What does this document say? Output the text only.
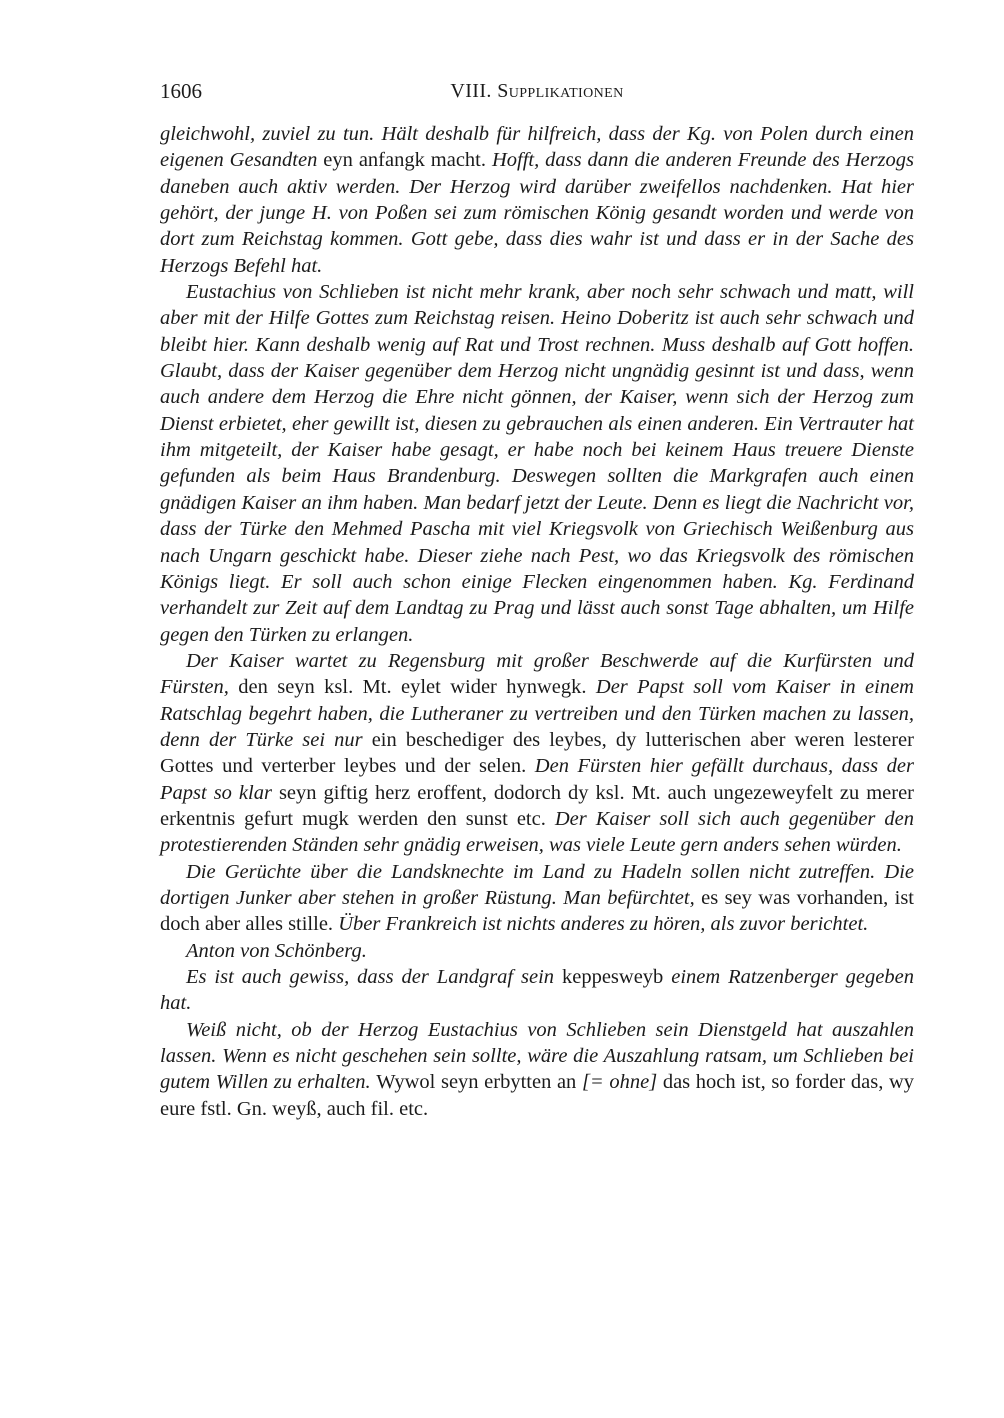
1606	VIII. Supplikationen

gleichwohl, zuviel zu tun. Hält deshalb für hilfreich, dass der Kg. von Polen durch einen eigenen Gesandten eyn anfangk macht. Hofft, dass dann die anderen Freunde des Herzogs daneben auch aktiv werden. Der Herzog wird darüber zweifellos nachdenken. Hat hier gehört, der junge H. von Poßen sei zum römischen König gesandt worden und werde von dort zum Reichstag kommen. Gott gebe, dass dies wahr ist und dass er in der Sache des Herzogs Befehl hat.

Eustachius von Schlieben ist nicht mehr krank, aber noch sehr schwach und matt, will aber mit der Hilfe Gottes zum Reichstag reisen. Heino Doberitz ist auch sehr schwach und bleibt hier. Kann deshalb wenig auf Rat und Trost rechnen. Muss deshalb auf Gott hoffen. Glaubt, dass der Kaiser gegenüber dem Herzog nicht ungnädig gesinnt ist und dass, wenn auch andere dem Herzog die Ehre nicht gönnen, der Kaiser, wenn sich der Herzog zum Dienst erbietet, eher gewillt ist, diesen zu gebrauchen als einen anderen. Ein Vertrauter hat ihm mitgeteilt, der Kaiser habe gesagt, er habe noch bei keinem Haus treuere Dienste gefunden als beim Haus Brandenburg. Deswegen sollten die Markgrafen auch einen gnädigen Kaiser an ihm haben. Man bedarf jetzt der Leute. Denn es liegt die Nachricht vor, dass der Türke den Mehmed Pascha mit viel Kriegsvolk von Griechisch Weißenburg aus nach Ungarn geschickt habe. Dieser ziehe nach Pest, wo das Kriegsvolk des römischen Königs liegt. Er soll auch schon einige Flecken eingenommen haben. Kg. Ferdinand verhandelt zur Zeit auf dem Landtag zu Prag und lässt auch sonst Tage abhalten, um Hilfe gegen den Türken zu erlangen.

Der Kaiser wartet zu Regensburg mit großer Beschwerde auf die Kurfürsten und Fürsten, den seyn ksl. Mt. eylet wider hynwegk. Der Papst soll vom Kaiser in einem Ratschlag begehrt haben, die Lutheraner zu vertreiben und den Türken machen zu lassen, denn der Türke sei nur ein beschediger des leybes, dy lutterischen aber weren lesterer Gottes und verterber leybes und der selen. Den Fürsten hier gefällt durchaus, dass der Papst so klar seyn giftig herz eroffent, dodorch dy ksl. Mt. auch ungezeweyfelt zu merer erkentnis gefurt mugk werden den sunst etc. Der Kaiser soll sich auch gegenüber den protestierenden Ständen sehr gnädig erweisen, was viele Leute gern anders sehen würden.

Die Gerüchte über die Landsknechte im Land zu Hadeln sollen nicht zutreffen. Die dortigen Junker aber stehen in großer Rüstung. Man befürchtet, es sey was vorhanden, ist doch aber alles stille. Über Frankreich ist nichts anderes zu hören, als zuvor berichtet.

Anton von Schönberg.

Es ist auch gewiss, dass der Landgraf sein keppesweyb einem Ratzenberger gegeben hat.

Weiß nicht, ob der Herzog Eustachius von Schlieben sein Dienstgeld hat auszahlen lassen. Wenn es nicht geschehen sein sollte, wäre die Auszahlung ratsam, um Schlieben bei gutem Willen zu erhalten. Wywol seyn erbytten an [= ohne] das hoch ist, so forder das, wy eure fstl. Gn. weyß, auch fil. etc.
